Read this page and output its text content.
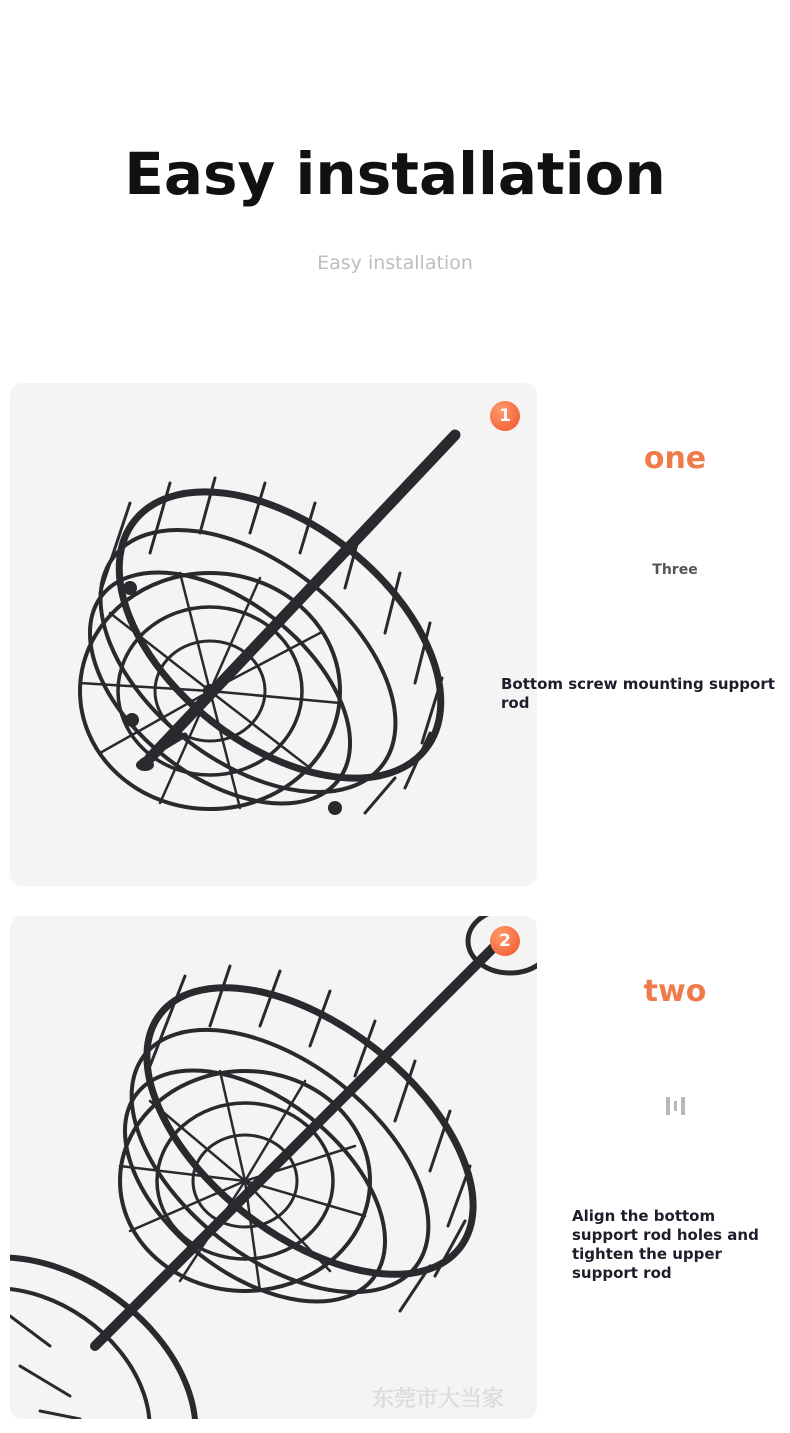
Easy installation
Easy installation
1
one
Three
Bottom screw mounting support rod
2
two
Align the bottom support rod holes and tighten the upper support rod
东莞市大当家
